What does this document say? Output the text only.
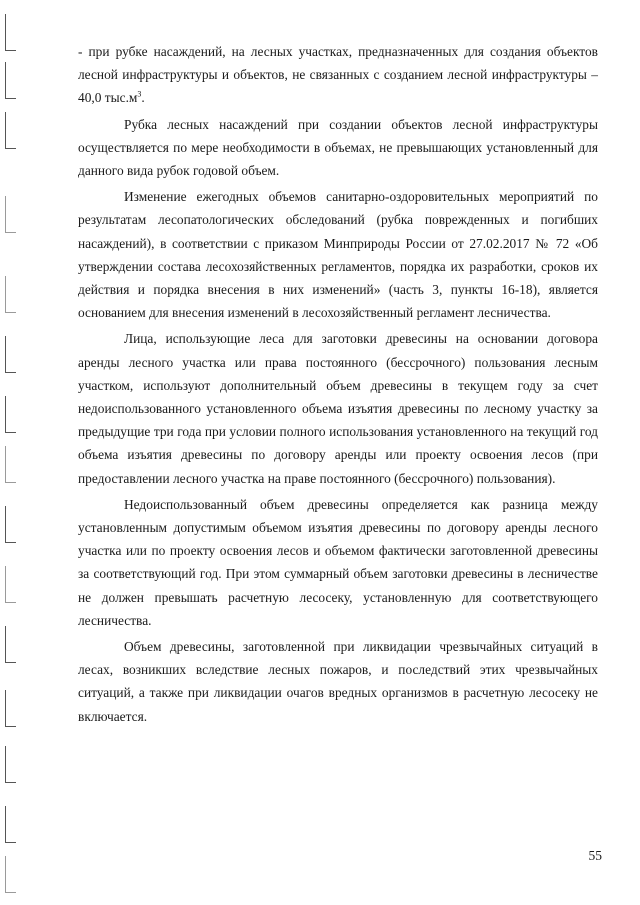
- при рубке насаждений, на лесных участках, предназначенных для создания объектов лесной инфраструктуры и объектов, не связанных с созданием лесной инфраструктуры – 40,0 $тыс.м^3$.

Рубка лесных насаждений при создании объектов лесной инфраструктуры осуществляется по мере необходимости в объемах, не превышающих установленный для данного вида рубок годовой объем.

Изменение ежегодных объемов санитарно-оздоровительных мероприятий по результатам лесопатологических обследований (рубка поврежденных и погибших насаждений), в соответствии с приказом Минприроды России от 27.02.2017 № 72 «Об утверждении состава лесохозяйственных регламентов, порядка их разработки, сроков их действия и порядка внесения в них изменений» (часть 3, пункты 16-18), является основанием для внесения изменений в лесохозяйственный регламент лесничества.

Лица, использующие леса для заготовки древесины на основании договора аренды лесного участка или права постоянного (бессрочного) пользования лесным участком, используют дополнительный объем древесины в текущем году за счет недоиспользованного установленного объема изъятия древесины по лесному участку за предыдущие три года при условии полного использования установленного на текущий год объема изъятия древесины по договору аренды или проекту освоения лесов (при предоставлении лесного участка на праве постоянного (бессрочного) пользования).

Недоиспользованный объем древесины определяется как разница между установленным допустимым объемом изъятия древесины по договору аренды лесного участка или по проекту освоения лесов и объемом фактически заготовленной древесины за соответствующий год. При этом суммарный объем заготовки древесины в лесничестве не должен превышать расчетную лесосеку, установленную для соответствующего лесничества.

Объем древесины, заготовленной при ликвидации чрезвычайных ситуаций в лесах, возникших вследствие лесных пожаров, и последствий этих чрезвычайных ситуаций, а также при ликвидации очагов вредных организмов в расчетную лесосеку не включается.

55
